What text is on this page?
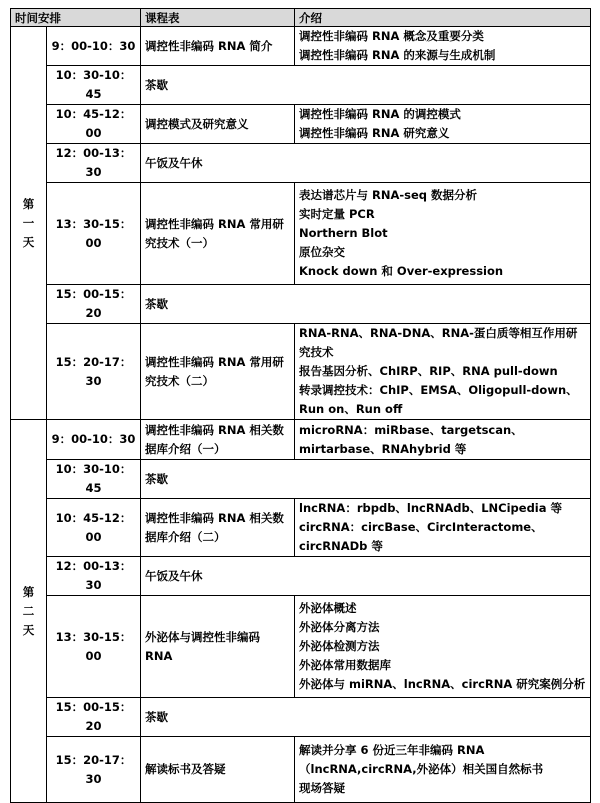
时间安排		课程表	介绍

第
一
天	9：00-10：30	调控性非编码 RNA 简介	调控性非编码 RNA 概念及重要分类
调控性非编码 RNA 的来源与生成机制

	10：30-10：45	茶歇	
	10：45-12：00	调控模式及研究意义	调控性非编码 RNA 的调控模式
调控性非编码 RNA 研究意义

	12：00-13：30	午饭及午休	
	13：30-15：00	调控性非编码 RNA 常用研究技术（一）	表达谱芯片与 RNA-seq 数据分析
实时定量 PCR
Northern Blot
原位杂交
Knock down 和 Over-expression

	15：00-15：20	茶歇	
	15：20-17：30	调控性非编码 RNA 常用研究技术（二）	RNA-RNA、RNA-DNA、RNA-蛋白质等相互作用研究技术
报告基因分析、ChIRP、RIP、RNA pull-down
转录调控技术：ChIP、EMSA、Oligopull-down、Run on、Run off

第
二
天	9：00-10：30	调控性非编码 RNA 相关数据库介绍（一）	microRNA：miRbase、targetscan、mirtarbase、RNAhybrid 等

	10：30-10：45	茶歇	
	10：45-12：00	调控性非编码 RNA 相关数据库介绍（二）	lncRNA：rbpdb、lncRNAdb、LNCipedia 等
circRNA：circBase、CircInteractome、circRNADb 等

	12：00-13：30	午饭及午休	
	13：30-15：00	外泌体与调控性非编码 RNA	外泌体概述
外泌体分离方法
外泌体检测方法
外泌体常用数据库
外泌体与 miRNA、lncRNA、circRNA 研究案例分析

	15：00-15：20	茶歇	
	15：20-17：30	解读标书及答疑	解读并分享 6 份近三年非编码 RNA（lncRNA,circRNA,外泌体）相关国自然标书
现场答疑
